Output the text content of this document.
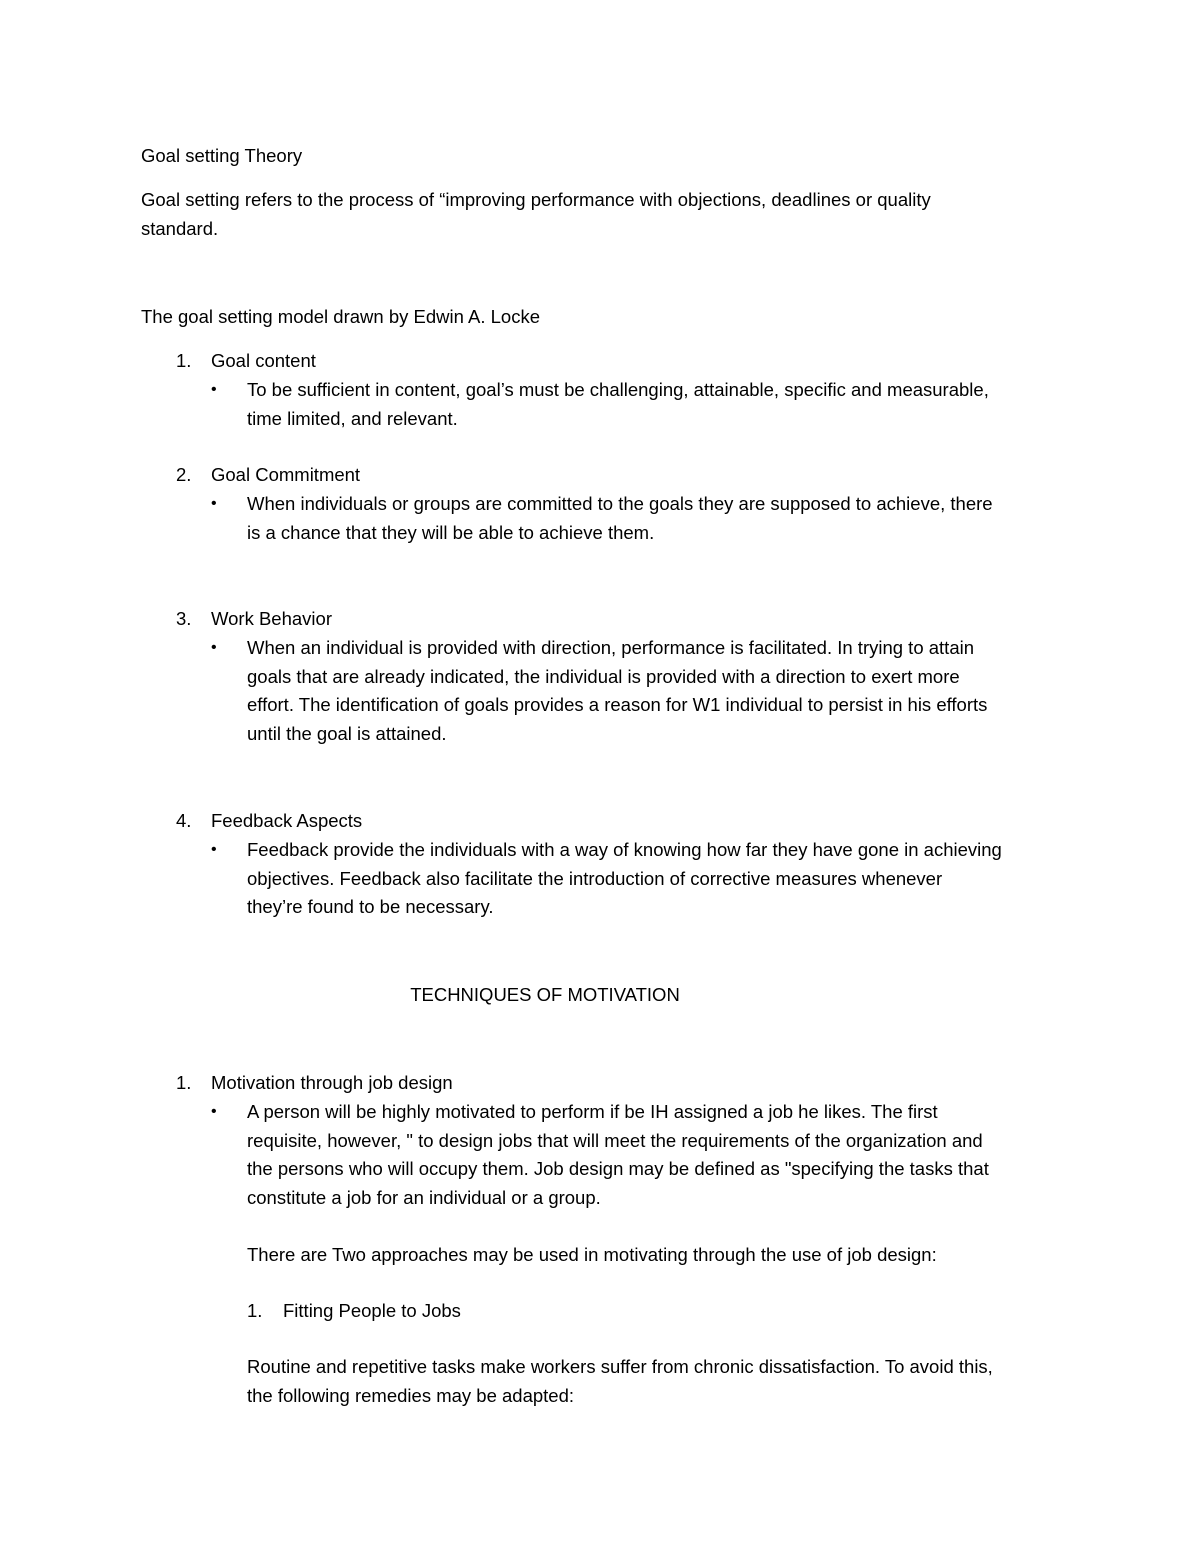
Goal setting Theory

Goal setting refers to the process of “improving performance with objections, deadlines or quality
standard.

The goal setting model drawn by Edwin A. Locke

1.	Goal content

• To be sufficient in content, goal’s must be challenging, attainable, specific and measurable,
time limited, and relevant.

2.	Goal Commitment

• When individuals or groups are committed to the goals they are supposed to achieve, there
is a chance that they will be able to achieve them.

3.	Work Behavior

• When an individual is provided with direction, performance is facilitated. In trying to attain
goals that are already indicated, the individual is provided with a direction to exert more
effort. The identification of goals provides a reason for W1 individual to persist in his efforts
until the goal is attained.

4.	Feedback Aspects

• Feedback provide the individuals with a way of knowing how far they have gone in achieving
objectives. Feedback also facilitate the introduction of corrective measures whenever
they’re found to be necessary.

TECHNIQUES OF MOTIVATION

1.	Motivation through job design

• A person will be highly motivated to perform if be IH assigned a job he likes. The first
requisite, however, " to design jobs that will meet the requirements of the organization and
the persons who will occupy them. Job design may be defined as "specifying the tasks that
constitute a job for an individual or a group.

There are Two approaches may be used in motivating through the use of job design:

1.	Fitting People to Jobs

Routine and repetitive tasks make workers suffer from chronic dissatisfaction. To avoid this,
the following remedies may be adapted:
